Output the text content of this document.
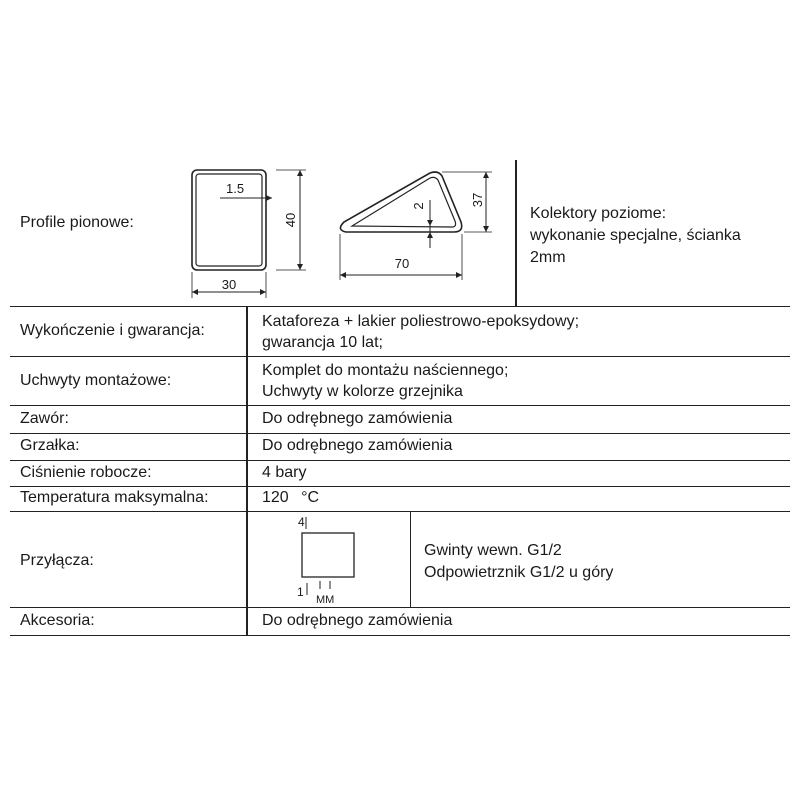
Profile pionowe:
1.5
40
30
2	37
70
Kolektory poziome:
wykonanie specjalne, ścianka
2mm
Wykończenie i gwarancja:
Kataforeza + lakier poliestrowo-epoksydowy;
gwarancja 10 lat;
Uchwyty montażowe:
Komplet do montażu naściennego;
Uchwyty w kolorze grzejnika
Zawór:	Do odrębnego zamówienia
Grzałka:	Do odrębnego zamówienia
Ciśnienie robocze:	4 bary
Temperatura maksymalna:	120 °C
Przyłącza:
4
1
MM
Gwinty wewn. G1/2
Odpowietrznik G1/2 u góry
Akcesoria:	Do odrębnego zamówienia
